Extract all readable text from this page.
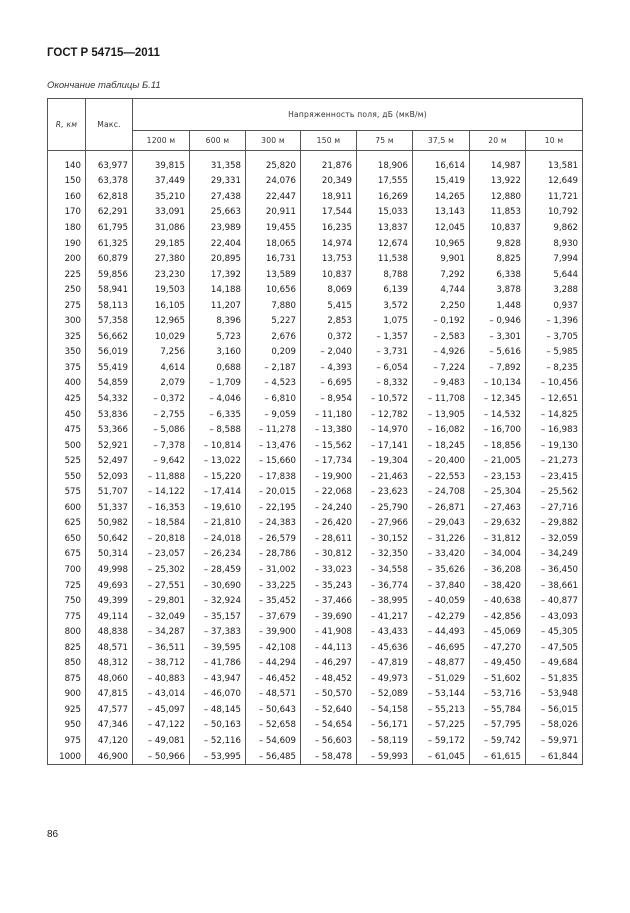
ГОСТ Р 54715—2011
Окончание таблицы Б.11
R, км	Макс.	Напряженность поля, дБ (мкВ/м)							
		1200 м	600 м	300 м	150 м	75 м	37,5 м	20 м	10 м

140	63,977	39,815	31,358	25,820	21,876	18,906	16,614	14,987	13,581
150	63,378	37,449	29,331	24,076	20,349	17,555	15,419	13,922	12,649
160	62,818	35,210	27,438	22,447	18,911	16,269	14,265	12,880	11,721
170	62,291	33,091	25,663	20,911	17,544	15,033	13,143	11,853	10,792
180	61,795	31,086	23,989	19,455	16,235	13,837	12,045	10,837	9,862
190	61,325	29,185	22,404	18,065	14,974	12,674	10,965	9,828	8,930
200	60,879	27,380	20,895	16,731	13,753	11,538	9,901	8,825	7,994
225	59,856	23,230	17,392	13,589	10,837	8,788	7,292	6,338	5,644
250	58,941	19,503	14,188	10,656	8,069	6,139	4,744	3,878	3,288
275	58,113	16,105	11,207	7,880	5,415	3,572	2,250	1,448	0,937
300	57,358	12,965	8,396	5,227	2,853	1,075	– 0,192	– 0,946	– 1,396
325	56,662	10,029	5,723	2,676	0,372	– 1,357	– 2,583	– 3,301	– 3,705
350	56,019	7,256	3,160	0,209	– 2,040	– 3,731	– 4,926	– 5,616	– 5,985
375	55,419	4,614	0,688	– 2,187	– 4,393	– 6,054	– 7,224	– 7,892	– 8,235
400	54,859	2,079	– 1,709	– 4,523	– 6,695	– 8,332	– 9,483	– 10,134	– 10,456
425	54,332	– 0,372	– 4,046	– 6,810	– 8,954	– 10,572	– 11,708	– 12,345	– 12,651
450	53,836	– 2,755	– 6,335	– 9,059	– 11,180	– 12,782	– 13,905	– 14,532	– 14,825
475	53,366	– 5,086	– 8,588	– 11,278	– 13,380	– 14,970	– 16,082	– 16,700	– 16,983
500	52,921	– 7,378	– 10,814	– 13,476	– 15,562	– 17,141	– 18,245	– 18,856	– 19,130
525	52,497	– 9,642	– 13,022	– 15,660	– 17,734	– 19,304	– 20,400	– 21,005	– 21,273
550	52,093	– 11,888	– 15,220	– 17,838	– 19,900	– 21,463	– 22,553	– 23,153	– 23,415
575	51,707	– 14,122	– 17,414	– 20,015	– 22,068	– 23,623	– 24,708	– 25,304	– 25,562
600	51,337	– 16,353	– 19,610	– 22,195	– 24,240	– 25,790	– 26,871	– 27,463	– 27,716
625	50,982	– 18,584	– 21,810	– 24,383	– 26,420	– 27,966	– 29,043	– 29,632	– 29,882
650	50,642	– 20,818	– 24,018	– 26,579	– 28,611	– 30,152	– 31,226	– 31,812	– 32,059
675	50,314	– 23,057	– 26,234	– 28,786	– 30,812	– 32,350	– 33,420	– 34,004	– 34,249
700	49,998	– 25,302	– 28,459	– 31,002	– 33,023	– 34,558	– 35,626	– 36,208	– 36,450
725	49,693	– 27,551	– 30,690	– 33,225	– 35,243	– 36,774	– 37,840	– 38,420	– 38,661
750	49,399	– 29,801	– 32,924	– 35,452	– 37,466	– 38,995	– 40,059	– 40,638	– 40,877
775	49,114	– 32,049	– 35,157	– 37,679	– 39,690	– 41,217	– 42,279	– 42,856	– 43,093
800	48,838	– 34,287	– 37,383	– 39,900	– 41,908	– 43,433	– 44,493	– 45,069	– 45,305
825	48,571	– 36,511	– 39,595	– 42,108	– 44,113	– 45,636	– 46,695	– 47,270	– 47,505
850	48,312	– 38,712	– 41,786	– 44,294	– 46,297	– 47,819	– 48,877	– 49,450	– 49,684
875	48,060	– 40,883	– 43,947	– 46,452	– 48,452	– 49,973	– 51,029	– 51,602	– 51,835
900	47,815	– 43,014	– 46,070	– 48,571	– 50,570	– 52,089	– 53,144	– 53,716	– 53,948
925	47,577	– 45,097	– 48,145	– 50,643	– 52,640	– 54,158	– 55,213	– 55,784	– 56,015
950	47,346	– 47,122	– 50,163	– 52,658	– 54,654	– 56,171	– 57,225	– 57,795	– 58,026
975	47,120	– 49,081	– 52,116	– 54,609	– 56,603	– 58,119	– 59,172	– 59,742	– 59,971
1000	46,900	– 50,966	– 53,995	– 56,485	– 58,478	– 59,993	– 61,045	– 61,615	– 61,844
86
